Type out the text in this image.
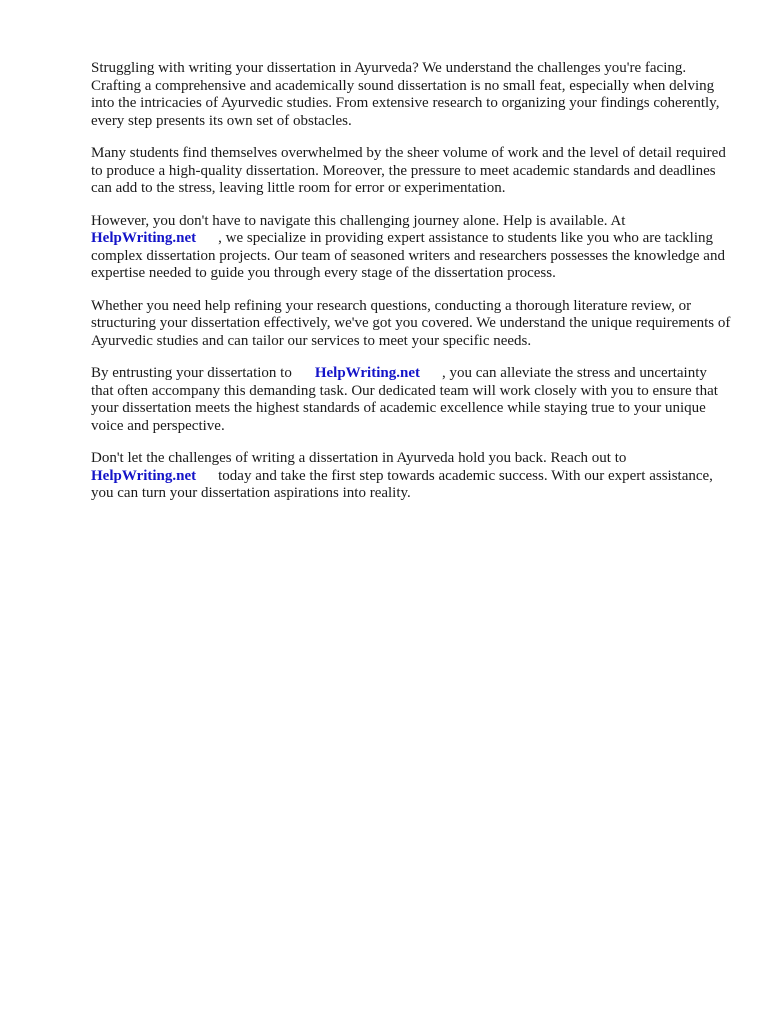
Struggling with writing your dissertation in Ayurveda? We understand the challenges you're facing. Crafting a comprehensive and academically sound dissertation is no small feat, especially when delving into the intricacies of Ayurvedic studies. From extensive research to organizing your findings coherently, every step presents its own set of obstacles.

Many students find themselves overwhelmed by the sheer volume of work and the level of detail required to produce a high-quality dissertation. Moreover, the pressure to meet academic standards and deadlines can add to the stress, leaving little room for error or experimentation.

However, you don't have to navigate this challenging journey alone. Help is available. At
HelpWriting.net , we specialize in providing expert assistance to students like you who are tackling complex dissertation projects. Our team of seasoned writers and researchers possesses the knowledge and expertise needed to guide you through every stage of the dissertation process.

Whether you need help refining your research questions, conducting a thorough literature review, or structuring your dissertation effectively, we've got you covered. We understand the unique requirements of Ayurvedic studies and can tailor our services to meet your specific needs.

By entrusting your dissertation to HelpWriting.net , you can alleviate the stress and uncertainty that often accompany this demanding task. Our dedicated team will work closely with you to ensure that your dissertation meets the highest standards of academic excellence while staying true to your unique voice and perspective.

Don't let the challenges of writing a dissertation in Ayurveda hold you back. Reach out to
HelpWriting.net today and take the first step towards academic success. With our expert assistance, you can turn your dissertation aspirations into reality.
